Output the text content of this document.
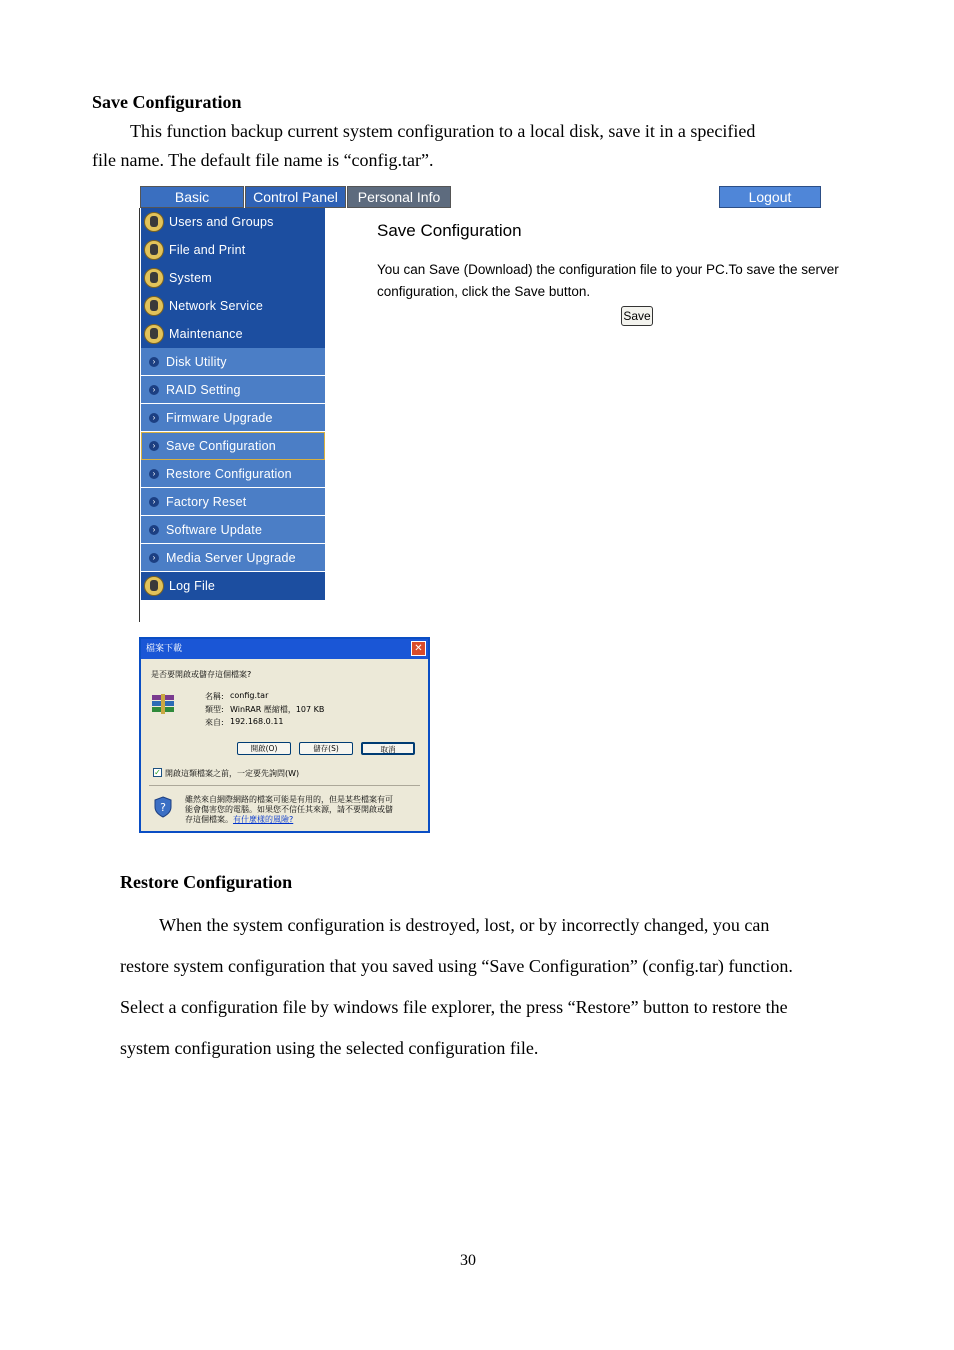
Save Configuration
This function backup current system configuration to a local disk, save it in a specified
file name. The default file name is “config.tar”.
Basic	Control Panel	Personal Info	Logout
Users and Groups
File and Print
System
Network Service
Maintenance
› Disk Utility
› RAID Setting
› Firmware Upgrade
› Save Configuration
› Restore Configuration
› Factory Reset
› Software Update
› Media Server Upgrade
Log File
Save Configuration
You can Save (Download) the configuration file to your PC.To save the server configuration, click the Save button.
Save
檔案下載	✕
是否要開啟或儲存這個檔案?
名稱: config.tar
類型: WinRAR 壓縮檔，107 KB
來自: 192.168.0.11
開啟(O)	儲存(S)	取消
✓ 開啟這類檔案之前，一定要先詢問(W)
?
雖然來自網際網路的檔案可能是有用的，但是某些檔案有可
能會傷害您的電腦。如果您不信任其來源，請不要開啟或儲
存這個檔案。有什麼樣的風險?
Restore Configuration
When the system configuration is destroyed, lost, or by incorrectly changed, you can
restore system configuration that you saved using “Save Configuration” (config.tar) function.
Select a configuration file by windows file explorer, the press “Restore” button to restore the
system configuration using the selected configuration file.
30
